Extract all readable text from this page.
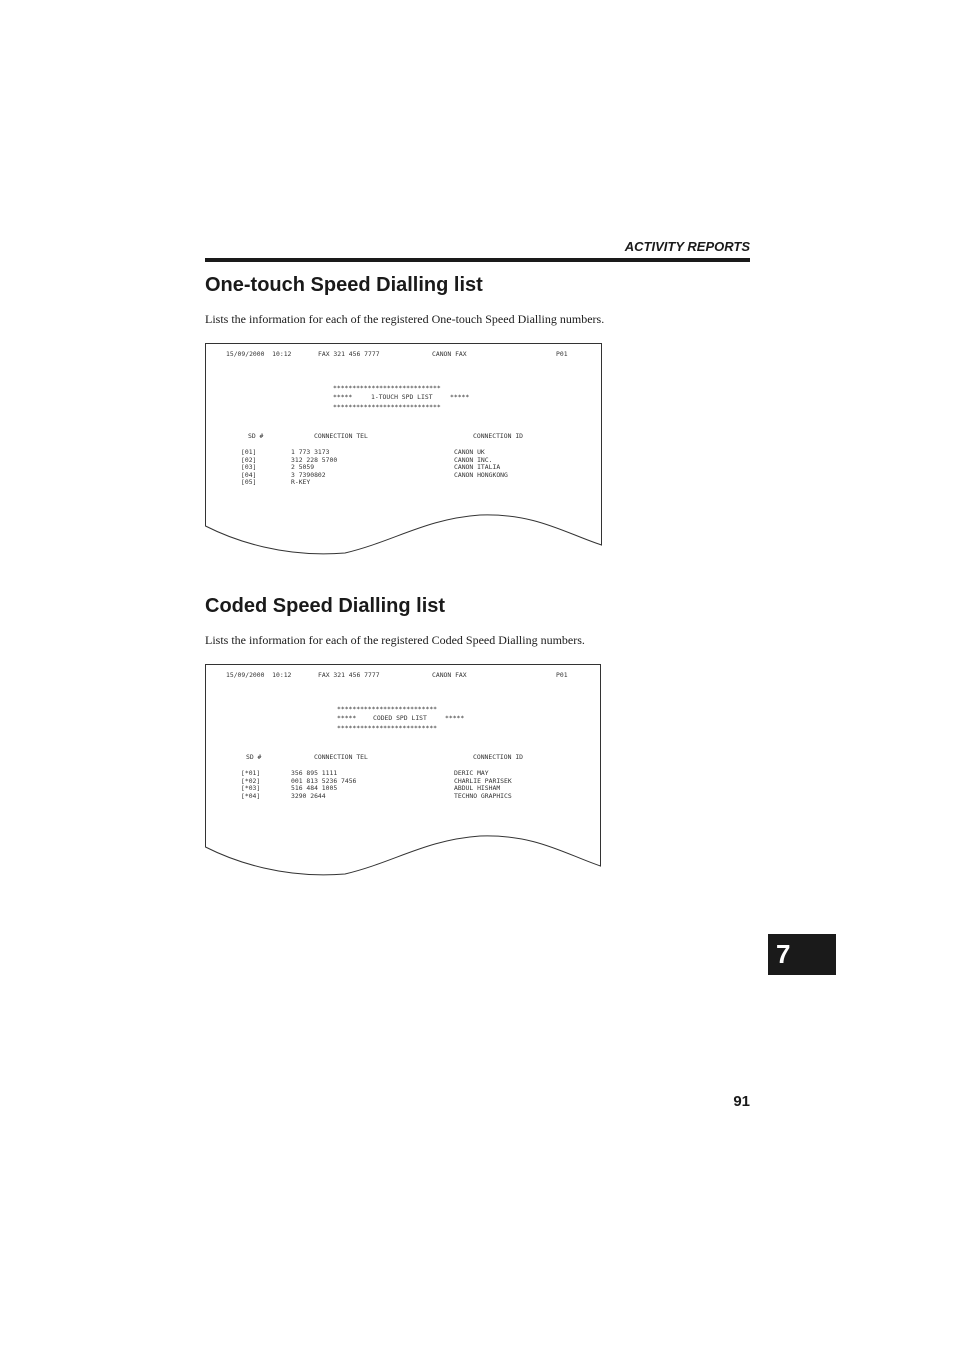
ACTIVITY REPORTS
One-touch Speed Dialling list

Lists the information for each of the registered One-touch Speed Dialling numbers.

15/09/2000  10:12	FAX 321 456 7777	CANON FAX	P01
****************************
*****	1-TOUCH SPD LIST	*****
****************************
SD #	CONNECTION TEL	CONNECTION ID
[01]	1 773 3173	CANON UK
[02]	312 228 5700	CANON INC.
[03]	2 5059	CANON ITALIA
[04]	3 7390802	CANON HONGKONG
[05]	R-KEY
Coded Speed Dialling list

Lists the information for each of the registered Coded Speed Dialling numbers.

15/09/2000  10:12	FAX 321 456 7777	CANON FAX	P01
**************************
*****	CODED SPD LIST	*****
**************************
SD #	CONNECTION TEL	CONNECTION ID
[*01]	356 895 1111	DERIC MAY
[*02]	001 813 5236 7456	CHARLIE PARISEK
[*03]	516 484 1005	ABDUL HISHAM
[*04]	3290 2644	TECHNO GRAPHICS
7
91
